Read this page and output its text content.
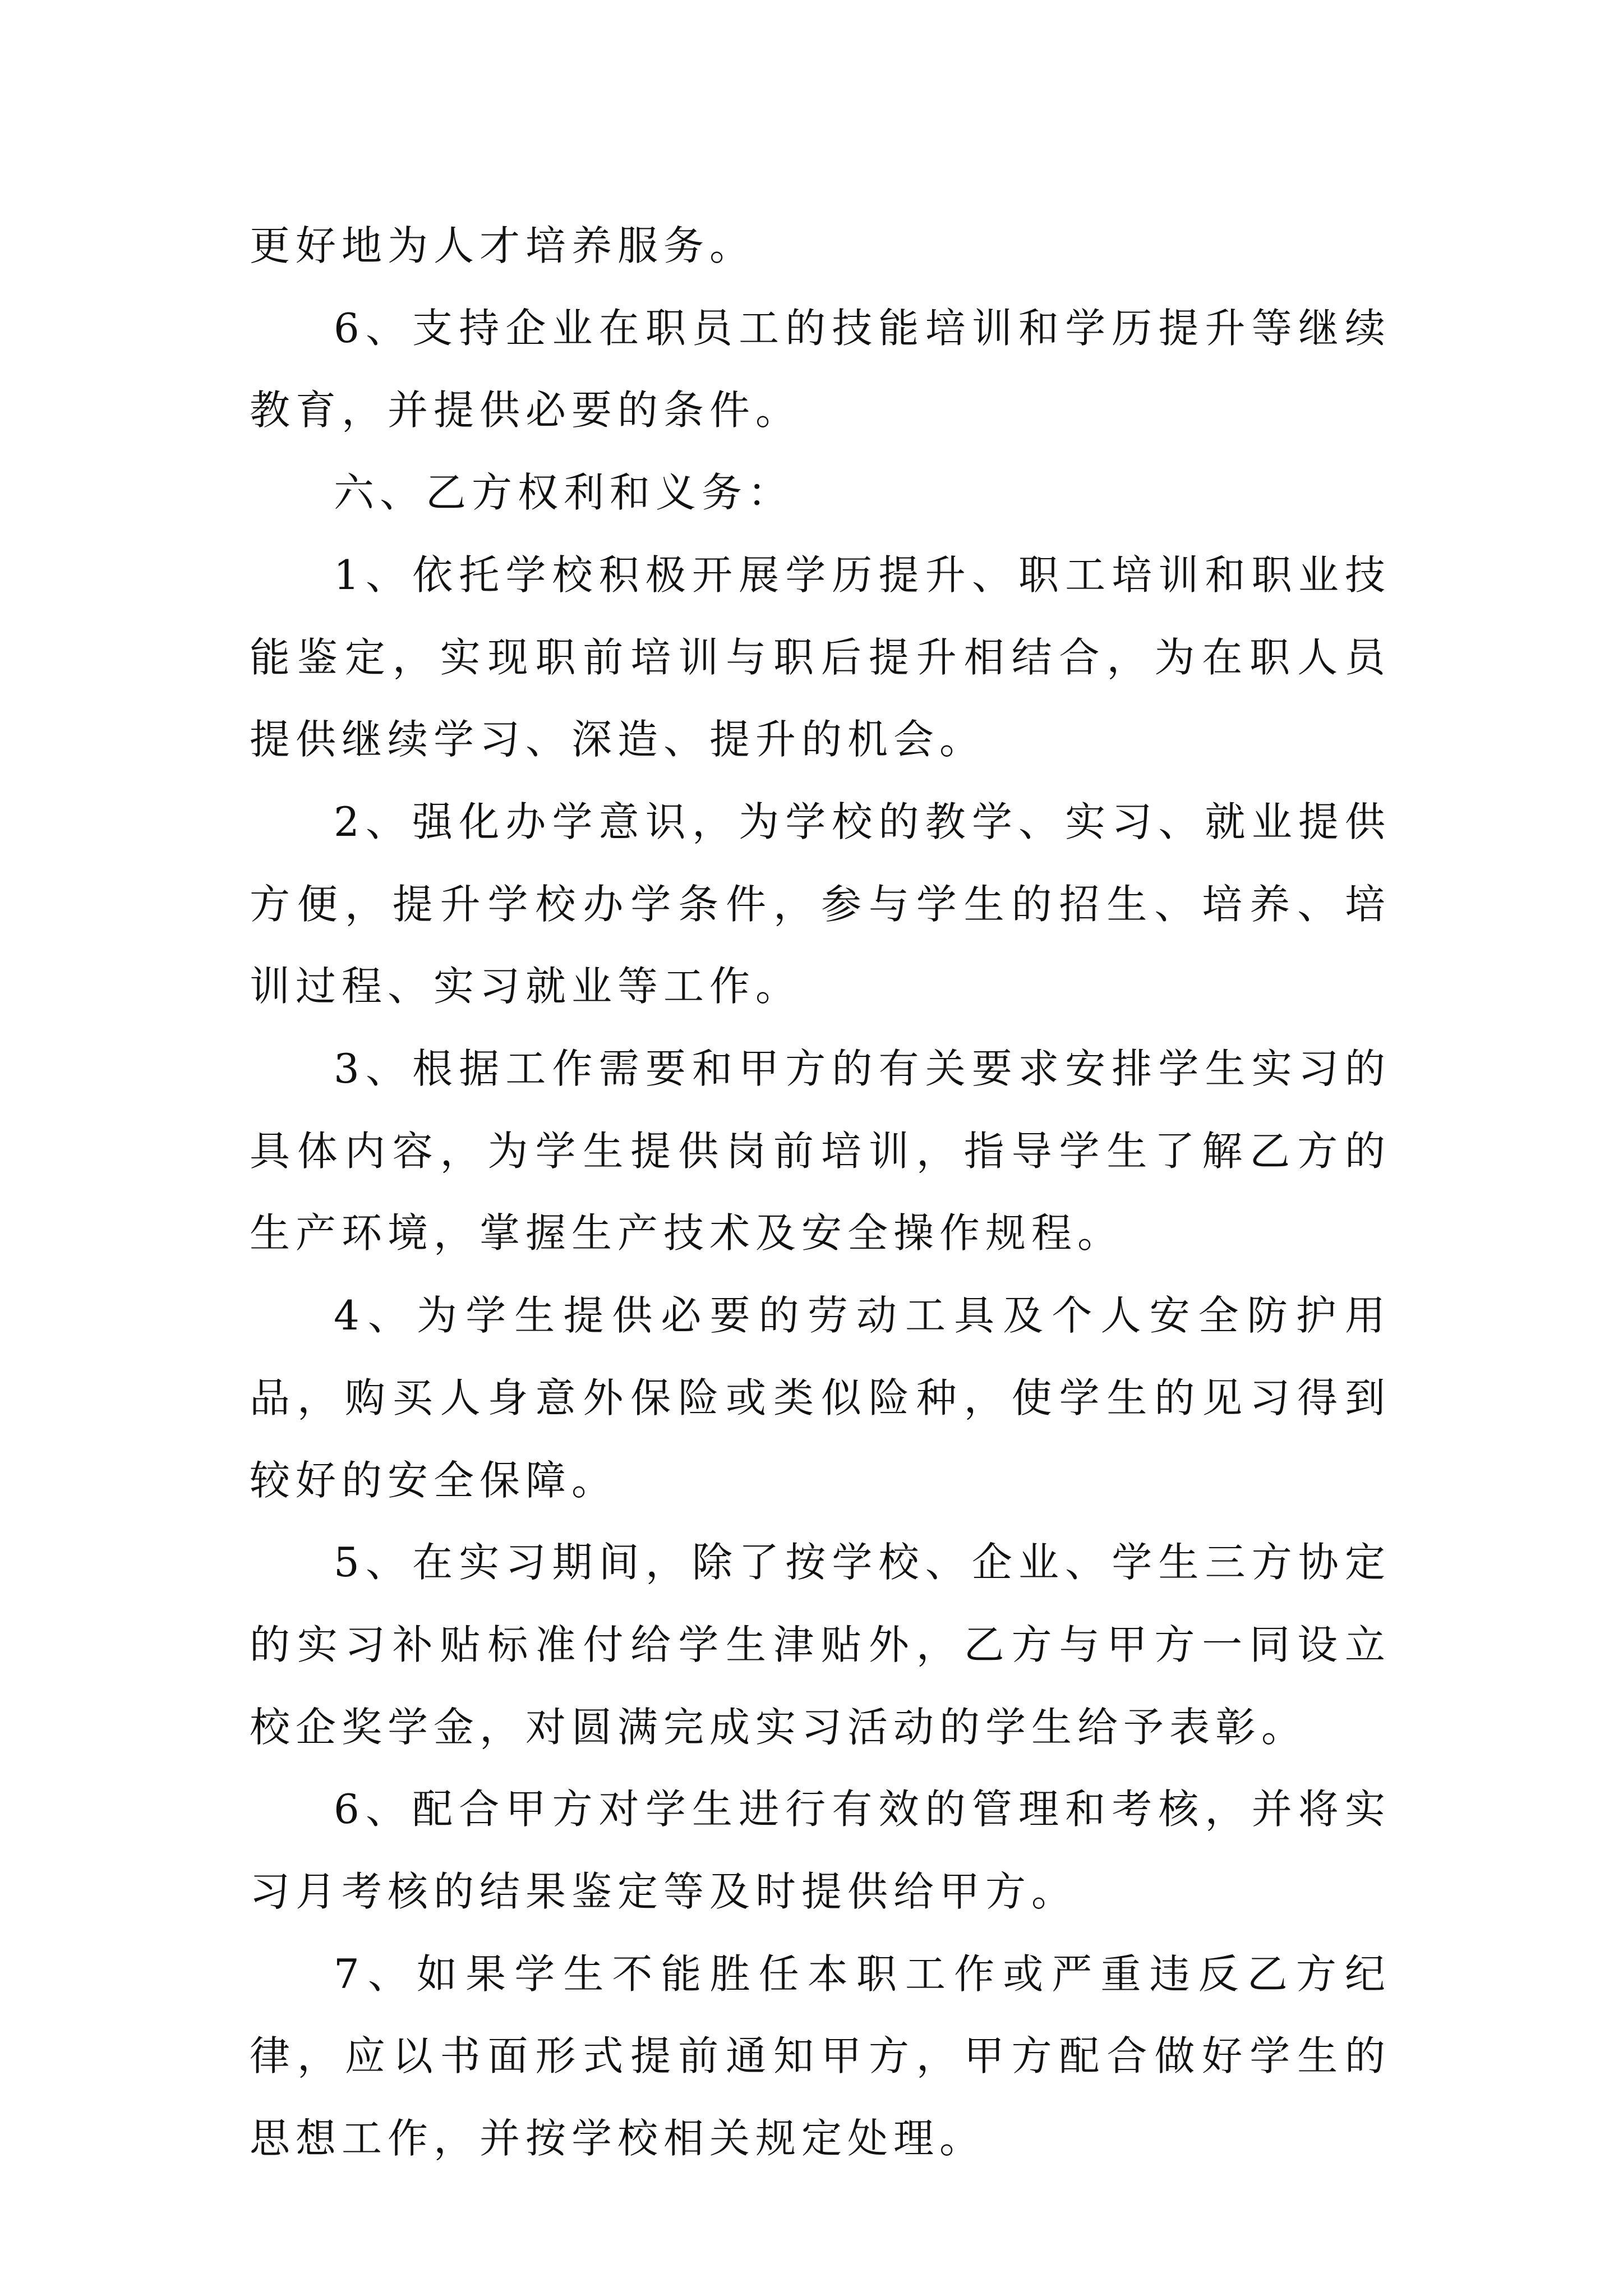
更好地为人才培养服务。

6、支持企业在职员工的技能培训和学历提升等继续教育，并提供必要的条件。

六、乙方权利和义务：

1、依托学校积极开展学历提升、职工培训和职业技能鉴定，实现职前培训与职后提升相结合，为在职人员提供继续学习、深造、提升的机会。

2、强化办学意识，为学校的教学、实习、就业提供方便，提升学校办学条件，参与学生的招生、培养、培训过程、实习就业等工作。

3、根据工作需要和甲方的有关要求安排学生实习的具体内容，为学生提供岗前培训，指导学生了解乙方的生产环境，掌握生产技术及安全操作规程。

4、为学生提供必要的劳动工具及个人安全防护用品，购买人身意外保险或类似险种，使学生的见习得到较好的安全保障。

5、在实习期间，除了按学校、企业、学生三方协定的实习补贴标准付给学生津贴外，乙方与甲方一同设立校企奖学金，对圆满完成实习活动的学生给予表彰。

6、配合甲方对学生进行有效的管理和考核，并将实习月考核的结果鉴定等及时提供给甲方。

7、如果学生不能胜任本职工作或严重违反乙方纪律，应以书面形式提前通知甲方，甲方配合做好学生的思想工作，并按学校相关规定处理。
